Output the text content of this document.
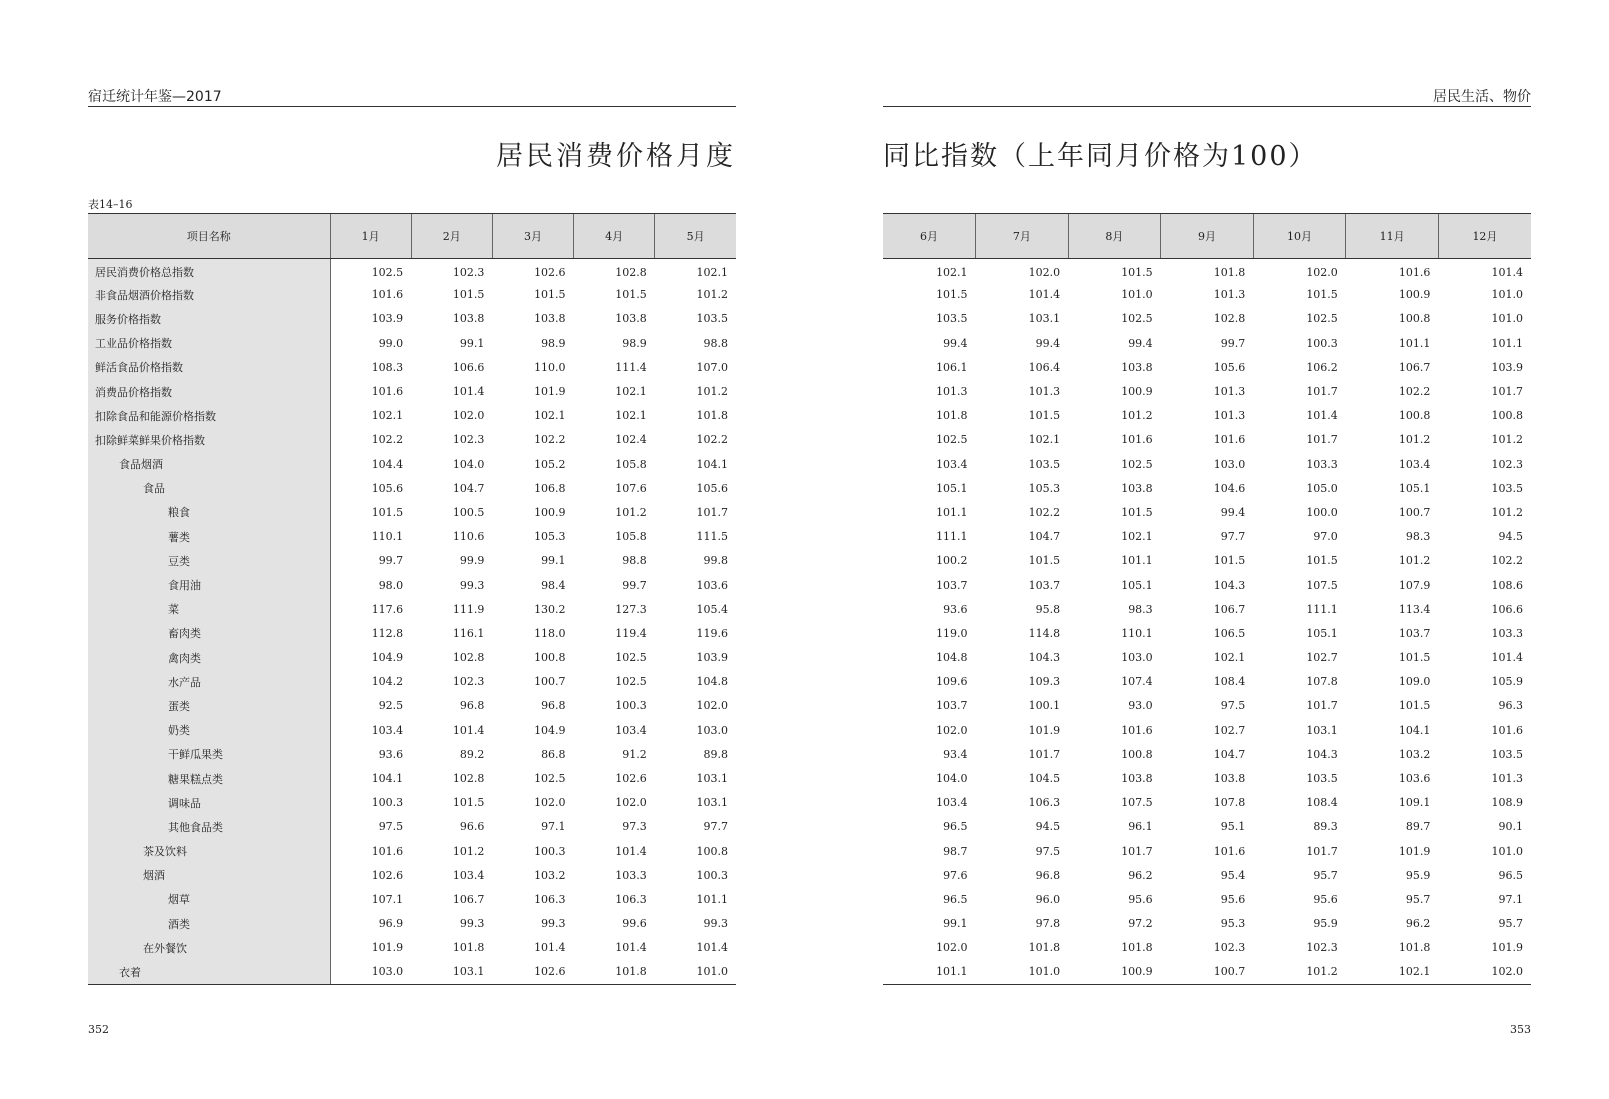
宿迁统计年鉴—2017
居民消费价格月度
表14–16
项目名称	1月	2月	3月	4月	5月
居民消费价格总指数	102.5	102.3	102.6	102.8	102.1
非食品烟酒价格指数	101.6	101.5	101.5	101.5	101.2
服务价格指数	103.9	103.8	103.8	103.8	103.5
工业品价格指数	99.0	99.1	98.9	98.9	98.8
鲜活食品价格指数	108.3	106.6	110.0	111.4	107.0
消费品价格指数	101.6	101.4	101.9	102.1	101.2
扣除食品和能源价格指数	102.1	102.0	102.1	102.1	101.8
扣除鲜菜鲜果价格指数	102.2	102.3	102.2	102.4	102.2
食品烟酒	104.4	104.0	105.2	105.8	104.1
食品	105.6	104.7	106.8	107.6	105.6
粮食	101.5	100.5	100.9	101.2	101.7
薯类	110.1	110.6	105.3	105.8	111.5
豆类	99.7	99.9	99.1	98.8	99.8
食用油	98.0	99.3	98.4	99.7	103.6
菜	117.6	111.9	130.2	127.3	105.4
畜肉类	112.8	116.1	118.0	119.4	119.6
禽肉类	104.9	102.8	100.8	102.5	103.9
水产品	104.2	102.3	100.7	102.5	104.8
蛋类	92.5	96.8	96.8	100.3	102.0
奶类	103.4	101.4	104.9	103.4	103.0
干鲜瓜果类	93.6	89.2	86.8	91.2	89.8
糖果糕点类	104.1	102.8	102.5	102.6	103.1
调味品	100.3	101.5	102.0	102.0	103.1
其他食品类	97.5	96.6	97.1	97.3	97.7
茶及饮料	101.6	101.2	100.3	101.4	100.8
烟酒	102.6	103.4	103.2	103.3	100.3
烟草	107.1	106.7	106.3	106.3	101.1
酒类	96.9	99.3	99.3	99.6	99.3
在外餐饮	101.9	101.8	101.4	101.4	101.4
衣着	103.0	103.1	102.6	101.8	101.0
352
居民生活、物价
同比指数（上年同月价格为100）
6月	7月	8月	9月	10月	11月	12月
102.1	102.0	101.5	101.8	102.0	101.6	101.4
101.5	101.4	101.0	101.3	101.5	100.9	101.0
103.5	103.1	102.5	102.8	102.5	100.8	101.0
99.4	99.4	99.4	99.7	100.3	101.1	101.1
106.1	106.4	103.8	105.6	106.2	106.7	103.9
101.3	101.3	100.9	101.3	101.7	102.2	101.7
101.8	101.5	101.2	101.3	101.4	100.8	100.8
102.5	102.1	101.6	101.6	101.7	101.2	101.2
103.4	103.5	102.5	103.0	103.3	103.4	102.3
105.1	105.3	103.8	104.6	105.0	105.1	103.5
101.1	102.2	101.5	99.4	100.0	100.7	101.2
111.1	104.7	102.1	97.7	97.0	98.3	94.5
100.2	101.5	101.1	101.5	101.5	101.2	102.2
103.7	103.7	105.1	104.3	107.5	107.9	108.6
93.6	95.8	98.3	106.7	111.1	113.4	106.6
119.0	114.8	110.1	106.5	105.1	103.7	103.3
104.8	104.3	103.0	102.1	102.7	101.5	101.4
109.6	109.3	107.4	108.4	107.8	109.0	105.9
103.7	100.1	93.0	97.5	101.7	101.5	96.3
102.0	101.9	101.6	102.7	103.1	104.1	101.6
93.4	101.7	100.8	104.7	104.3	103.2	103.5
104.0	104.5	103.8	103.8	103.5	103.6	101.3
103.4	106.3	107.5	107.8	108.4	109.1	108.9
96.5	94.5	96.1	95.1	89.3	89.7	90.1
98.7	97.5	101.7	101.6	101.7	101.9	101.0
97.6	96.8	96.2	95.4	95.7	95.9	96.5
96.5	96.0	95.6	95.6	95.6	95.7	97.1
99.1	97.8	97.2	95.3	95.9	96.2	95.7
102.0	101.8	101.8	102.3	102.3	101.8	101.9
101.1	101.0	100.9	100.7	101.2	102.1	102.0
353
